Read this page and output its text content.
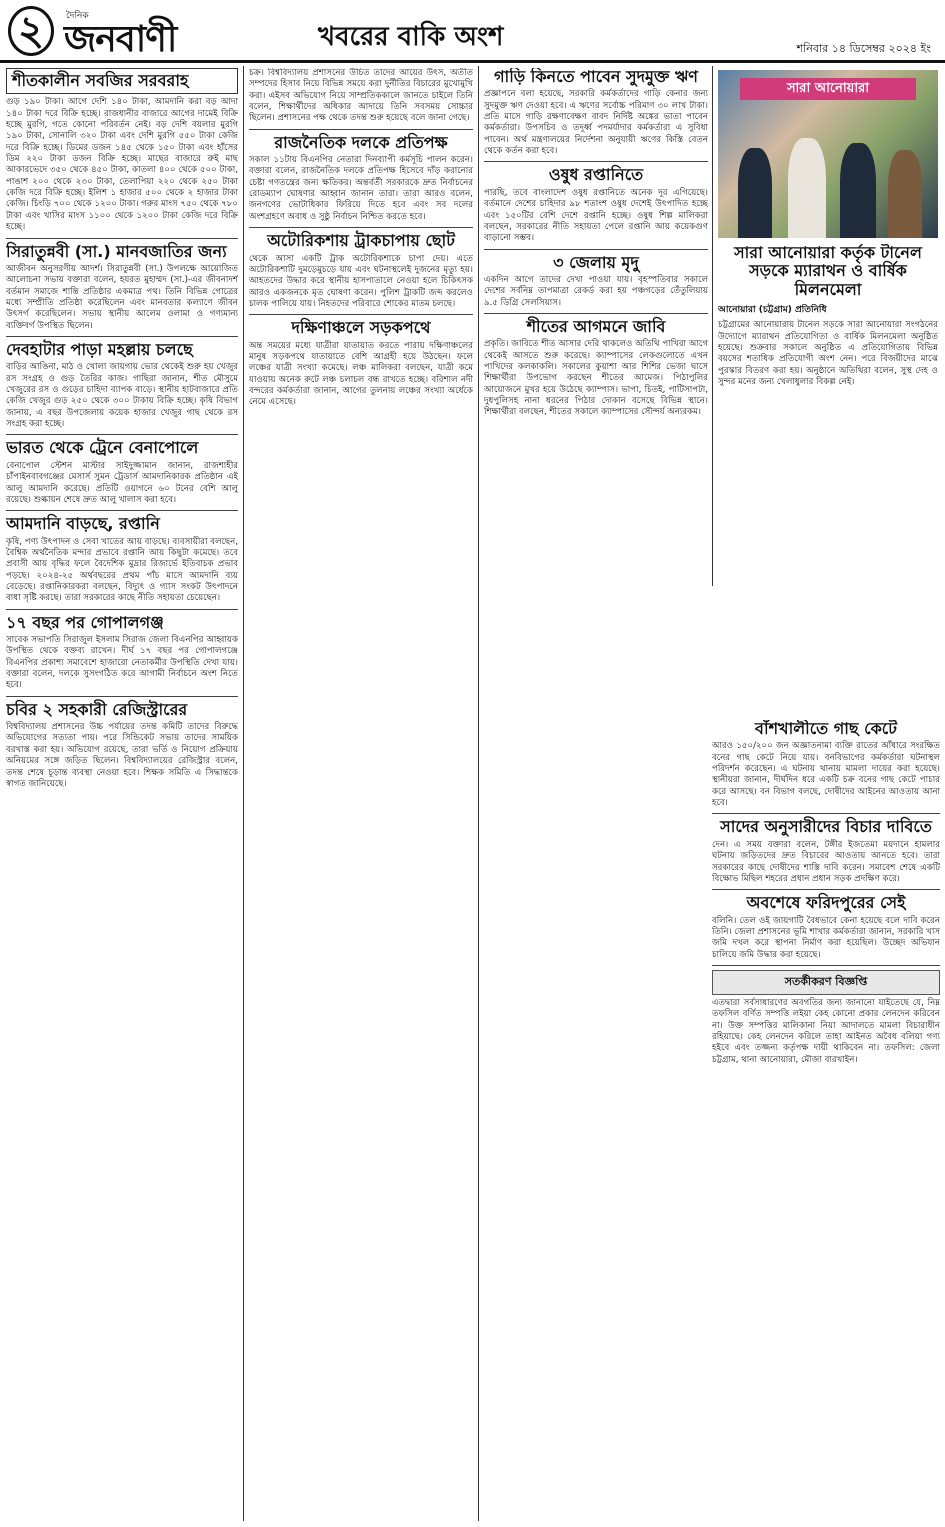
২	দৈনিক
জনবাণী	খবরের বাকি অংশ	শনিবার ১৪ ডিসেম্বর ২০২৪ ইং
শীতকালীন সবজির সরবরাহ

গুড় ১৯০ টাকা। আগে দেশি ১৪০ টাকা, আমদানি করা বড় আদা ১৪০ টাকা দরে বিক্রি হচ্ছে। রাজধানীর বাজারে আগের দামেই বিক্রি হচ্ছে মুরগি, গতে কোনো পরিবর্তন নেই। বড় দেশি বয়লার মুরগি ১৯০ টাকা, সোনালি ৩২০ টাকা এবং দেশি মুরগি ৫৫০ টাকা কেজি দরে বিক্রি হচ্ছে। ডিমের ডজন ১৪৫ থেকে ১৫০ টাকা এবং হাঁসের ডিম ২২০ টাকা ডজন বিক্রি হচ্ছে। মাছের বাজারে রুই মাছ আকারভেদে ৩৫০ থেকে ৪৫০ টাকা, কাতলা ৪০০ থেকে ৫০০ টাকা, পাঙাশ ২০০ থেকে ২৩০ টাকা, তেলাপিয়া ২২০ থেকে ২৫০ টাকা কেজি দরে বিক্রি হচ্ছে। ইলিশ ১ হাজার ৫০০ থেকে ২ হাজার টাকা কেজি। চিংড়ি ৭০০ থেকে ১২০০ টাকা। গরুর মাংস ৭৫০ থেকে ৭৮০ টাকা এবং খাসির মাংস ১১০০ থেকে ১২০০ টাকা কেজি দরে বিক্রি হচ্ছে।

সিরাতুন্নবী (সা.) মানবজাতির জন্য

আজীবন অনুসরণীয় আদর্শ। সিরাতুন্নবী (সা.) উপলক্ষে আয়োজিত আলোচনা সভায় বক্তারা বলেন, হযরত মুহাম্মদ (সা.)-এর জীবনাদর্শ বর্তমান সমাজে শান্তি প্রতিষ্ঠার একমাত্র পথ। তিনি বিভিন্ন গোত্রের মধ্যে সম্প্রীতি প্রতিষ্ঠা করেছিলেন এবং মানবতার কল্যাণে জীবন উৎসর্গ করেছিলেন। সভায় স্থানীয় আলেম ওলামা ও গণ্যমান্য ব্যক্তিবর্গ উপস্থিত ছিলেন।

দেবহাটার পাড়া মহল্লায় চলছে

বাড়ির আঙিনা, মাঠ ও খোলা জায়গায় ভোর থেকেই শুরু হয় খেজুর রস সংগ্রহ ও গুড় তৈরির কাজ। গাছিরা জানান, শীত মৌসুমে খেজুরের রস ও গুড়ের চাহিদা ব্যাপক বাড়ে। স্থানীয় হাটবাজারে প্রতি কেজি খেজুর গুড় ২৫০ থেকে ৩০০ টাকায় বিক্রি হচ্ছে। কৃষি বিভাগ জানায়, এ বছর উপজেলায় কয়েক হাজার খেজুর গাছ থেকে রস সংগ্রহ করা হচ্ছে।

ভারত থেকে ট্রেনে বেনাপোলে

বেনাপোল স্টেশন মাস্টার সাইদুজ্জামান জানান, রাজশাহীর চাঁপাইনবাবগঞ্জের মেসার্স সুমন ট্রেডার্স আমদানিকারক প্রতিষ্ঠান এই আলু আমদানি করেছে। প্রতিটি ওয়াগনে ৬০ টনের বেশি আলু রয়েছে। শুল্কায়ন শেষে দ্রুত আলু খালাস করা হবে।

আমদানি বাড়ছে, রপ্তানি

কৃষি, পণ্য উৎপাদন ও সেবা খাতের আয় বাড়ছে। ব্যবসায়ীরা বলছেন, বৈশ্বিক অর্থনৈতিক মন্দার প্রভাবে রপ্তানি আয় কিছুটা কমেছে। তবে প্রবাসী আয় বৃদ্ধির ফলে বৈদেশিক মুদ্রার রিজার্ভে ইতিবাচক প্রভাব পড়ছে। ২০২৪-২৫ অর্থবছরের প্রথম পাঁচ মাসে আমদানি ব্যয় বেড়েছে। রপ্তানিকারকরা বলছেন, বিদ্যুৎ ও গ্যাস সংকট উৎপাদনে বাধা সৃষ্টি করছে। তারা সরকারের কাছে নীতি সহায়তা চেয়েছেন।

১৭ বছর পর গোপালগঞ্জ

সাবেক সভাপতি সিরাজুল ইসলাম সিরাজ জেলা বিএনপির আহ্বায়ক উপস্থিত থেকে বক্তব্য রাখেন। দীর্ঘ ১৭ বছর পর গোপালগঞ্জে বিএনপির প্রকাশ্য সমাবেশে হাজারো নেতাকর্মীর উপস্থিতি দেখা যায়। বক্তারা বলেন, দলকে সুসংগঠিত করে আগামী নির্বাচনে অংশ নিতে হবে।

চবির ২ সহকারী রেজিস্ট্রারের

বিশ্ববিদ্যালয় প্রশাসনের উচ্চ পর্যায়ের তদন্ত কমিটি তাদের বিরুদ্ধে অভিযোগের সত্যতা পায়। পরে সিন্ডিকেট সভায় তাদের সাময়িক বরখাস্ত করা হয়। অভিযোগ রয়েছে, তারা ভর্তি ও নিয়োগ প্রক্রিয়ায় অনিয়মের সঙ্গে জড়িত ছিলেন। বিশ্ববিদ্যালয়ের রেজিস্ট্রার বলেন, তদন্ত শেষে চূড়ান্ত ব্যবস্থা নেওয়া হবে। শিক্ষক সমিতি এ সিদ্ধান্তকে স্বাগত জানিয়েছে।

চক্র। বিশ্ববিদ্যালয় প্রশাসনের উচিত তাদের আয়ের উৎস, অতীত সম্পদের হিসাব নিয়ে বিভিন্ন সময়ে করা দুর্নীতির বিচারের মুখোমুখি করা। এইসব অভিযোগ নিয়ে সাম্প্রতিককালে জানতে চাইলে তিনি বলেন, শিক্ষার্থীদের অধিকার আদায়ে তিনি সবসময় সোচ্চার ছিলেন। প্রশাসনের পক্ষ থেকে তদন্ত শুরু হয়েছে বলে জানা গেছে।

রাজনৈতিক দলকে প্রতিপক্ষ

সকাল ১১টায় বিএনপির নেতারা দিনব্যাপী কর্মসূচি পালন করেন। বক্তারা বলেন, রাজনৈতিক দলকে প্রতিপক্ষ হিসেবে দাঁড় করানোর চেষ্টা গণতন্ত্রের জন্য ক্ষতিকর। অন্তর্বর্তী সরকারকে দ্রুত নির্বাচনের রোডম্যাপ ঘোষণার আহ্বান জানান তারা। তারা আরও বলেন, জনগণের ভোটাধিকার ফিরিয়ে দিতে হবে এবং সব দলের অংশগ্রহণে অবাধ ও সুষ্ঠু নির্বাচন নিশ্চিত করতে হবে।

অটোরিকশায় ট্রাকচাপায় ছোট

থেকে আসা একটি ট্রাক অটোরিকশাকে চাপা দেয়। এতে অটোরিকশাটি দুমড়েমুচড়ে যায় এবং ঘটনাস্থলেই দুজনের মৃত্যু হয়। আহতদের উদ্ধার করে স্থানীয় হাসপাতালে নেওয়া হলে চিকিৎসক আরও একজনকে মৃত ঘোষণা করেন। পুলিশ ট্রাকটি জব্দ করলেও চালক পালিয়ে যায়। নিহতদের পরিবারে শোকের মাতম চলছে।

দক্ষিণাঞ্চলে সড়কপথে

অন্ত সময়ের মধ্যে যাত্রীরা যাতায়াত করতে পারায় দক্ষিণাঞ্চলের মানুষ সড়কপথে যাতায়াতে বেশি আগ্রহী হয়ে উঠছেন। ফলে লঞ্চের যাত্রী সংখ্যা কমেছে। লঞ্চ মালিকরা বলছেন, যাত্রী কমে যাওয়ায় অনেক রুটে লঞ্চ চলাচল বন্ধ রাখতে হচ্ছে। বরিশাল নদী বন্দরের কর্মকর্তারা জানান, আগের তুলনায় লঞ্চের সংখ্যা অর্ধেকে নেমে এসেছে।

গাড়ি কিনতে পাবেন সুদমুক্ত ঋণ

প্রজ্ঞাপনে বলা হয়েছে, সরকারি কর্মকর্তাদের গাড়ি কেনার জন্য সুদমুক্ত ঋণ দেওয়া হবে। এ ঋণের সর্বোচ্চ পরিমাণ ৩০ লাখ টাকা। প্রতি মাসে গাড়ি রক্ষণাবেক্ষণ বাবদ নির্দিষ্ট অঙ্কের ভাতা পাবেন কর্মকর্তারা। উপসচিব ও তদূর্ধ্ব পদমর্যাদার কর্মকর্তারা এ সুবিধা পাবেন। অর্থ মন্ত্রণালয়ের নির্দেশনা অনুযায়ী ঋণের কিস্তি বেতন থেকে কর্তন করা হবে।

ওষুধ রপ্তানিতে

পারছি, তবে বাংলাদেশ ওষুধ রপ্তানিতে অনেক দূর এগিয়েছে। বর্তমানে দেশের চাহিদার ৯৮ শতাংশ ওষুধ দেশেই উৎপাদিত হচ্ছে এবং ১৫০টির বেশি দেশে রপ্তানি হচ্ছে। ওষুধ শিল্প মালিকরা বলছেন, সরকারের নীতি সহায়তা পেলে রপ্তানি আয় কয়েকগুণ বাড়ানো সম্ভব।

৩ জেলায় মৃদু

একদিন আগে তাদের দেখা পাওয়া যায়। বৃহস্পতিবার সকালে দেশের সর্বনিম্ন তাপমাত্রা রেকর্ড করা হয় পঞ্চগড়ের তেঁতুলিয়ায় ৯.৫ ডিগ্রি সেলসিয়াস।

শীতের আগমনে জাবি

প্রকৃতি। জাবিতে শীত আসার দেরি থাকলেও অতিথি পাখিরা আগে থেকেই আসতে শুরু করেছে। ক্যাম্পাসের লেকগুলোতে এখন পাখিদের কলকাকলি। সকালের কুয়াশা আর শিশির ভেজা ঘাসে শিক্ষার্থীরা উপভোগ করছেন শীতের আমেজ। পিঠাপুলির আয়োজনে মুখর হয়ে উঠেছে ক্যাম্পাস। ভাপা, চিতই, পাটিসাপটা, দুধপুলিসহ নানা ধরনের পিঠার দোকান বসেছে বিভিন্ন স্থানে। শিক্ষার্থীরা বলছেন, শীতের সকালে ক্যাম্পাসের সৌন্দর্য অন্যরকম।

সারা আনোয়ারা
সারা আনোয়ারা কর্তৃক টানেল সড়কে ম্যারাথন ও বার্ষিক মিলনমেলা
আনোয়ারা (চট্টগ্রাম) প্রতিনিধি

চট্টগ্রামের আনোয়ারায় টানেল সড়কে সারা আনোয়ারা সংগঠনের উদ্যোগে ম্যারাথন প্রতিযোগিতা ও বার্ষিক মিলনমেলা অনুষ্ঠিত হয়েছে। শুক্রবার সকালে অনুষ্ঠিত এ প্রতিযোগিতায় বিভিন্ন বয়সের শতাধিক প্রতিযোগী অংশ নেন। পরে বিজয়ীদের মাঝে পুরস্কার বিতরণ করা হয়। অনুষ্ঠানে অতিথিরা বলেন, সুস্থ দেহ ও সুন্দর মনের জন্য খেলাধুলার বিকল্প নেই।

বাঁশখালীতে গাছ কেটে

আরও ১৫০/২০০ জন অজ্ঞাতনামা ব্যক্তি রাতের আঁধারে সংরক্ষিত বনের গাছ কেটে নিয়ে যায়। বনবিভাগের কর্মকর্তারা ঘটনাস্থল পরিদর্শন করেছেন। এ ঘটনায় থানায় মামলা দায়ের করা হয়েছে। স্থানীয়রা জানান, দীর্ঘদিন ধরে একটি চক্র বনের গাছ কেটে পাচার করে আসছে। বন বিভাগ বলছে, দোষীদের আইনের আওতায় আনা হবে।

সাদের অনুসারীদের বিচার দাবিতে

দেন। এ সময় বক্তারা বলেন, টঙ্গীর ইজতেমা ময়দানে হামলার ঘটনায় জড়িতদের দ্রুত বিচারের আওতায় আনতে হবে। তারা সরকারের কাছে দোষীদের শাস্তি দাবি করেন। সমাবেশ শেষে একটি বিক্ষোভ মিছিল শহরের প্রধান প্রধান সড়ক প্রদক্ষিণ করে।

অবশেষে ফরিদপুরের সেই

বলিনি। তেল ওই জায়গাটি বৈধভাবে কেনা হয়েছে বলে দাবি করেন তিনি। জেলা প্রশাসনের ভূমি শাখার কর্মকর্তারা জানান, সরকারি খাস জমি দখল করে স্থাপনা নির্মাণ করা হয়েছিল। উচ্ছেদ অভিযান চালিয়ে জমি উদ্ধার করা হয়েছে।

সতর্কীকরণ বিজ্ঞপ্তি

এতদ্বারা সর্বসাধারণের অবগতির জন্য জানানো যাইতেছে যে, নিম্ন তফসিল বর্ণিত সম্পত্তি লইয়া কেহ কোনো প্রকার লেনদেন করিবেন না। উক্ত সম্পত্তির মালিকানা নিয়া আদালতে মামলা বিচারাধীন রহিয়াছে। কেহ লেনদেন করিলে তাহা আইনত অবৈধ বলিয়া গণ্য হইবে এবং তজ্জন্য কর্তৃপক্ষ দায়ী থাকিবেন না। তফসিল: জেলা চট্টগ্রাম, থানা আনোয়ারা, মৌজা বারখাইন।
